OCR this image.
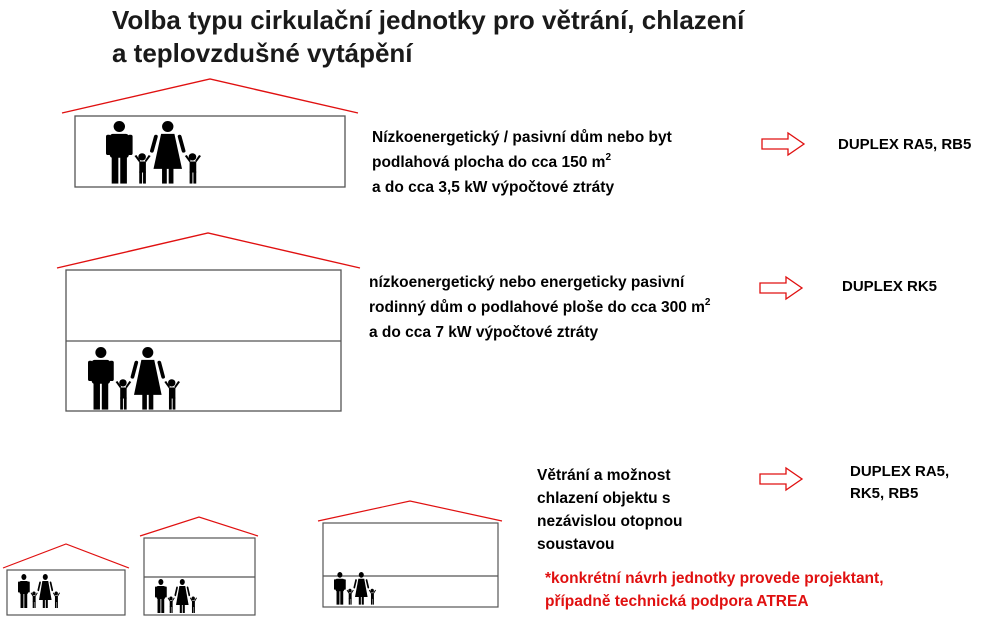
Volba typu cirkulační jednotky pro větrání, chlazení
a teplovzdušné vytápění
Nízkoenergetický / pasivní dům nebo byt
podlahová plocha do cca 150 $m^2$
a do cca 3,5 kW výpočtové ztráty
DUPLEX RA5, RB5
nízkoenergetický nebo energeticky pasivní
rodinný dům o podlahové ploše do cca 300 $m^2$
a do cca 7 kW výpočtové ztráty
DUPLEX RK5
Větrání a možnost
chlazení objektu s
nezávislou otopnou
soustavou
DUPLEX RA5,
RK5, RB5
*konkrétní návrh jednotky provede projektant,
případně technická podpora ATREA
